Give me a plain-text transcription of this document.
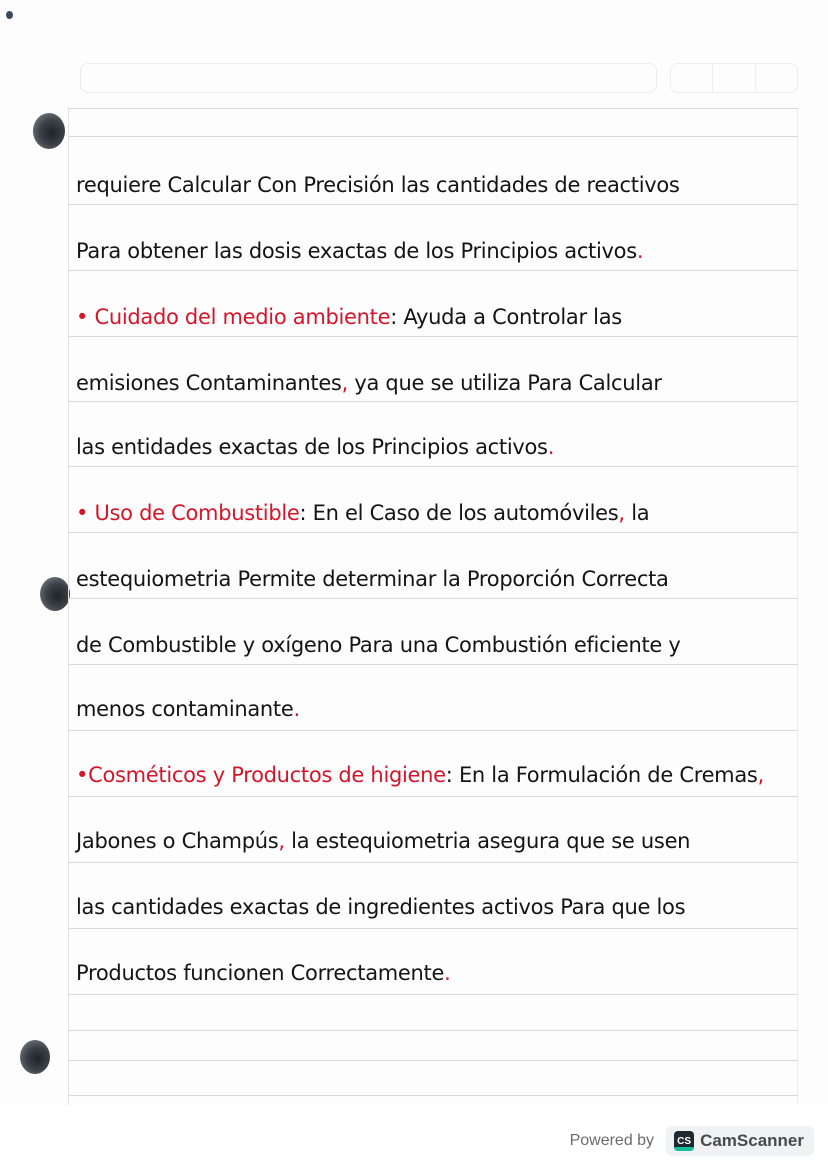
requiere Calcular Con Precisión las cantidades de reactivos
Para obtener las dosis exactas de los Principios activos.
• Cuidado del medio ambiente: Ayuda a Controlar las
emisiones Contaminantes, ya que se utiliza Para Calcular
las entidades exactas de los Principios activos.
• Uso de Combustible: En el Caso de los automóviles, la
estequiometria Permite determinar la Proporción Correcta
de Combustible y oxígeno Para una Combustión eficiente y
menos contaminante.
•Cosméticos y Productos de higiene: En la Formulación de Cremas,
Jabones o Champús, la estequiometria asegura que se usen
las cantidades exactas de ingredientes activos Para que los
Productos funcionen Correctamente.
Powered by	CS CamScanner
